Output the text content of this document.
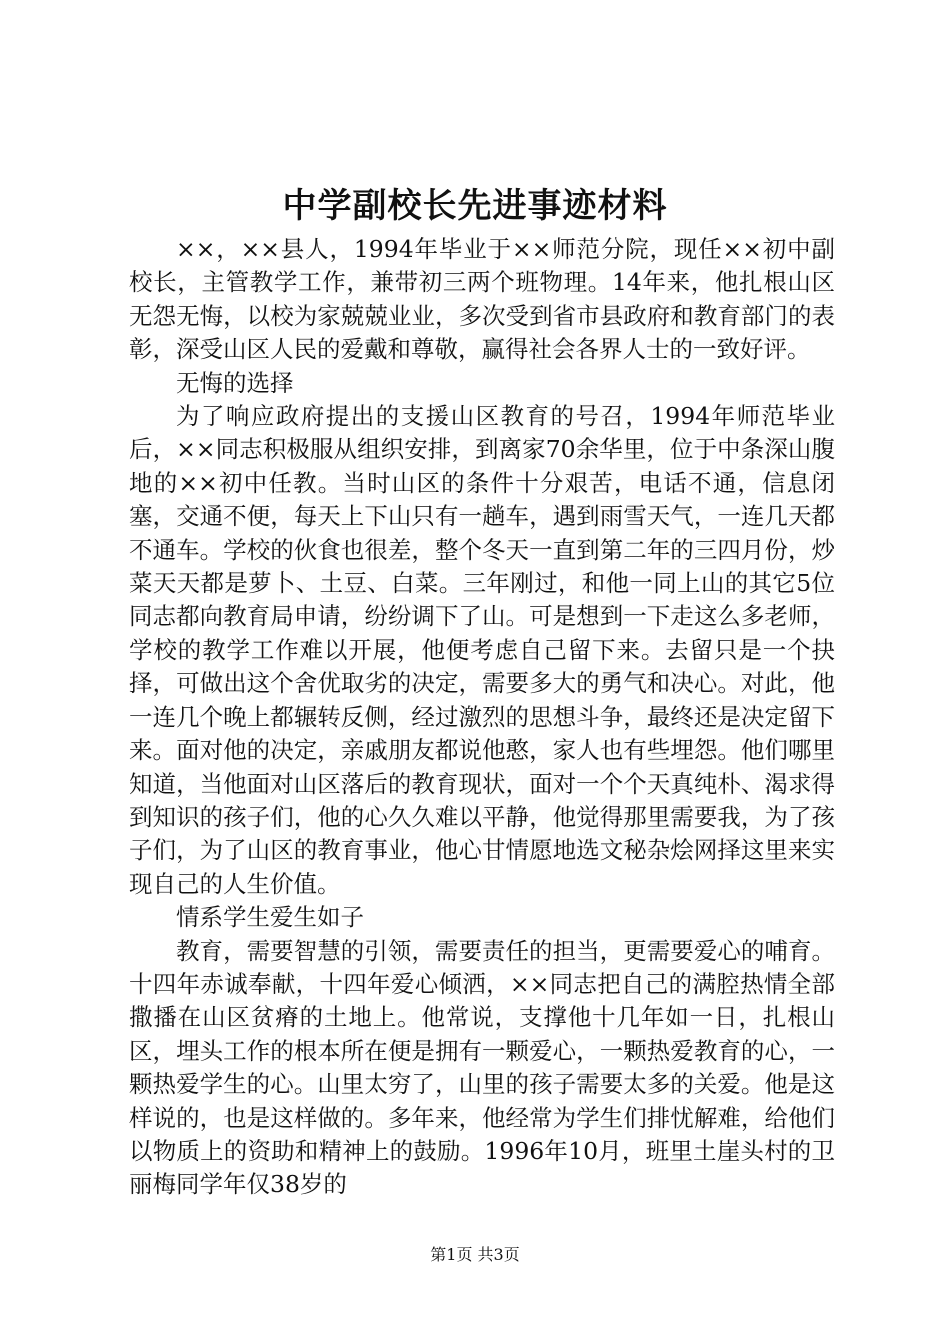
中学副校长先进事迹材料

××，××县人，1994年毕业于××师范分院，现任××初中副校长，主管教学工作，兼带初三两个班物理。14年来，他扎根山区无怨无悔，以校为家兢兢业业，多次受到省市县政府和教育部门的表彰，深受山区人民的爱戴和尊敬，赢得社会各界人士的一致好评。

无悔的选择

为了响应政府提出的支援山区教育的号召，1994年师范毕业后，××同志积极服从组织安排，到离家70余华里，位于中条深山腹地的××初中任教。当时山区的条件十分艰苦，电话不通，信息闭塞，交通不便，每天上下山只有一趟车，遇到雨雪天气，一连几天都不通车。学校的伙食也很差，整个冬天一直到第二年的三四月份，炒菜天天都是萝卜、土豆、白菜。三年刚过，和他一同上山的其它5位同志都向教育局申请，纷纷调下了山。可是想到一下走这么多老师，学校的教学工作难以开展，他便考虑自己留下来。去留只是一个抉择，可做出这个舍优取劣的决定，需要多大的勇气和决心。对此，他一连几个晚上都辗转反侧，经过激烈的思想斗争，最终还是决定留下来。面对他的决定，亲戚朋友都说他憨，家人也有些埋怨。他们哪里知道，当他面对山区落后的教育现状，面对一个个天真纯朴、渴求得到知识的孩子们，他的心久久难以平静，他觉得那里需要我，为了孩子们，为了山区的教育事业，他心甘情愿地选文秘杂烩网择这里来实现自己的人生价值。

情系学生爱生如子

教育，需要智慧的引领，需要责任的担当，更需要爱心的哺育。十四年赤诚奉献，十四年爱心倾洒，××同志把自己的满腔热情全部撒播在山区贫瘠的土地上。他常说，支撑他十几年如一日，扎根山区，埋头工作的根本所在便是拥有一颗爱心，一颗热爱教育的心，一颗热爱学生的心。山里太穷了，山里的孩子需要太多的关爱。他是这样说的，也是这样做的。多年来，他经常为学生们排忧解难，给他们以物质上的资助和精神上的鼓励。1996年10月，班里土崖头村的卫丽梅同学年仅38岁的

第1页 共3页
